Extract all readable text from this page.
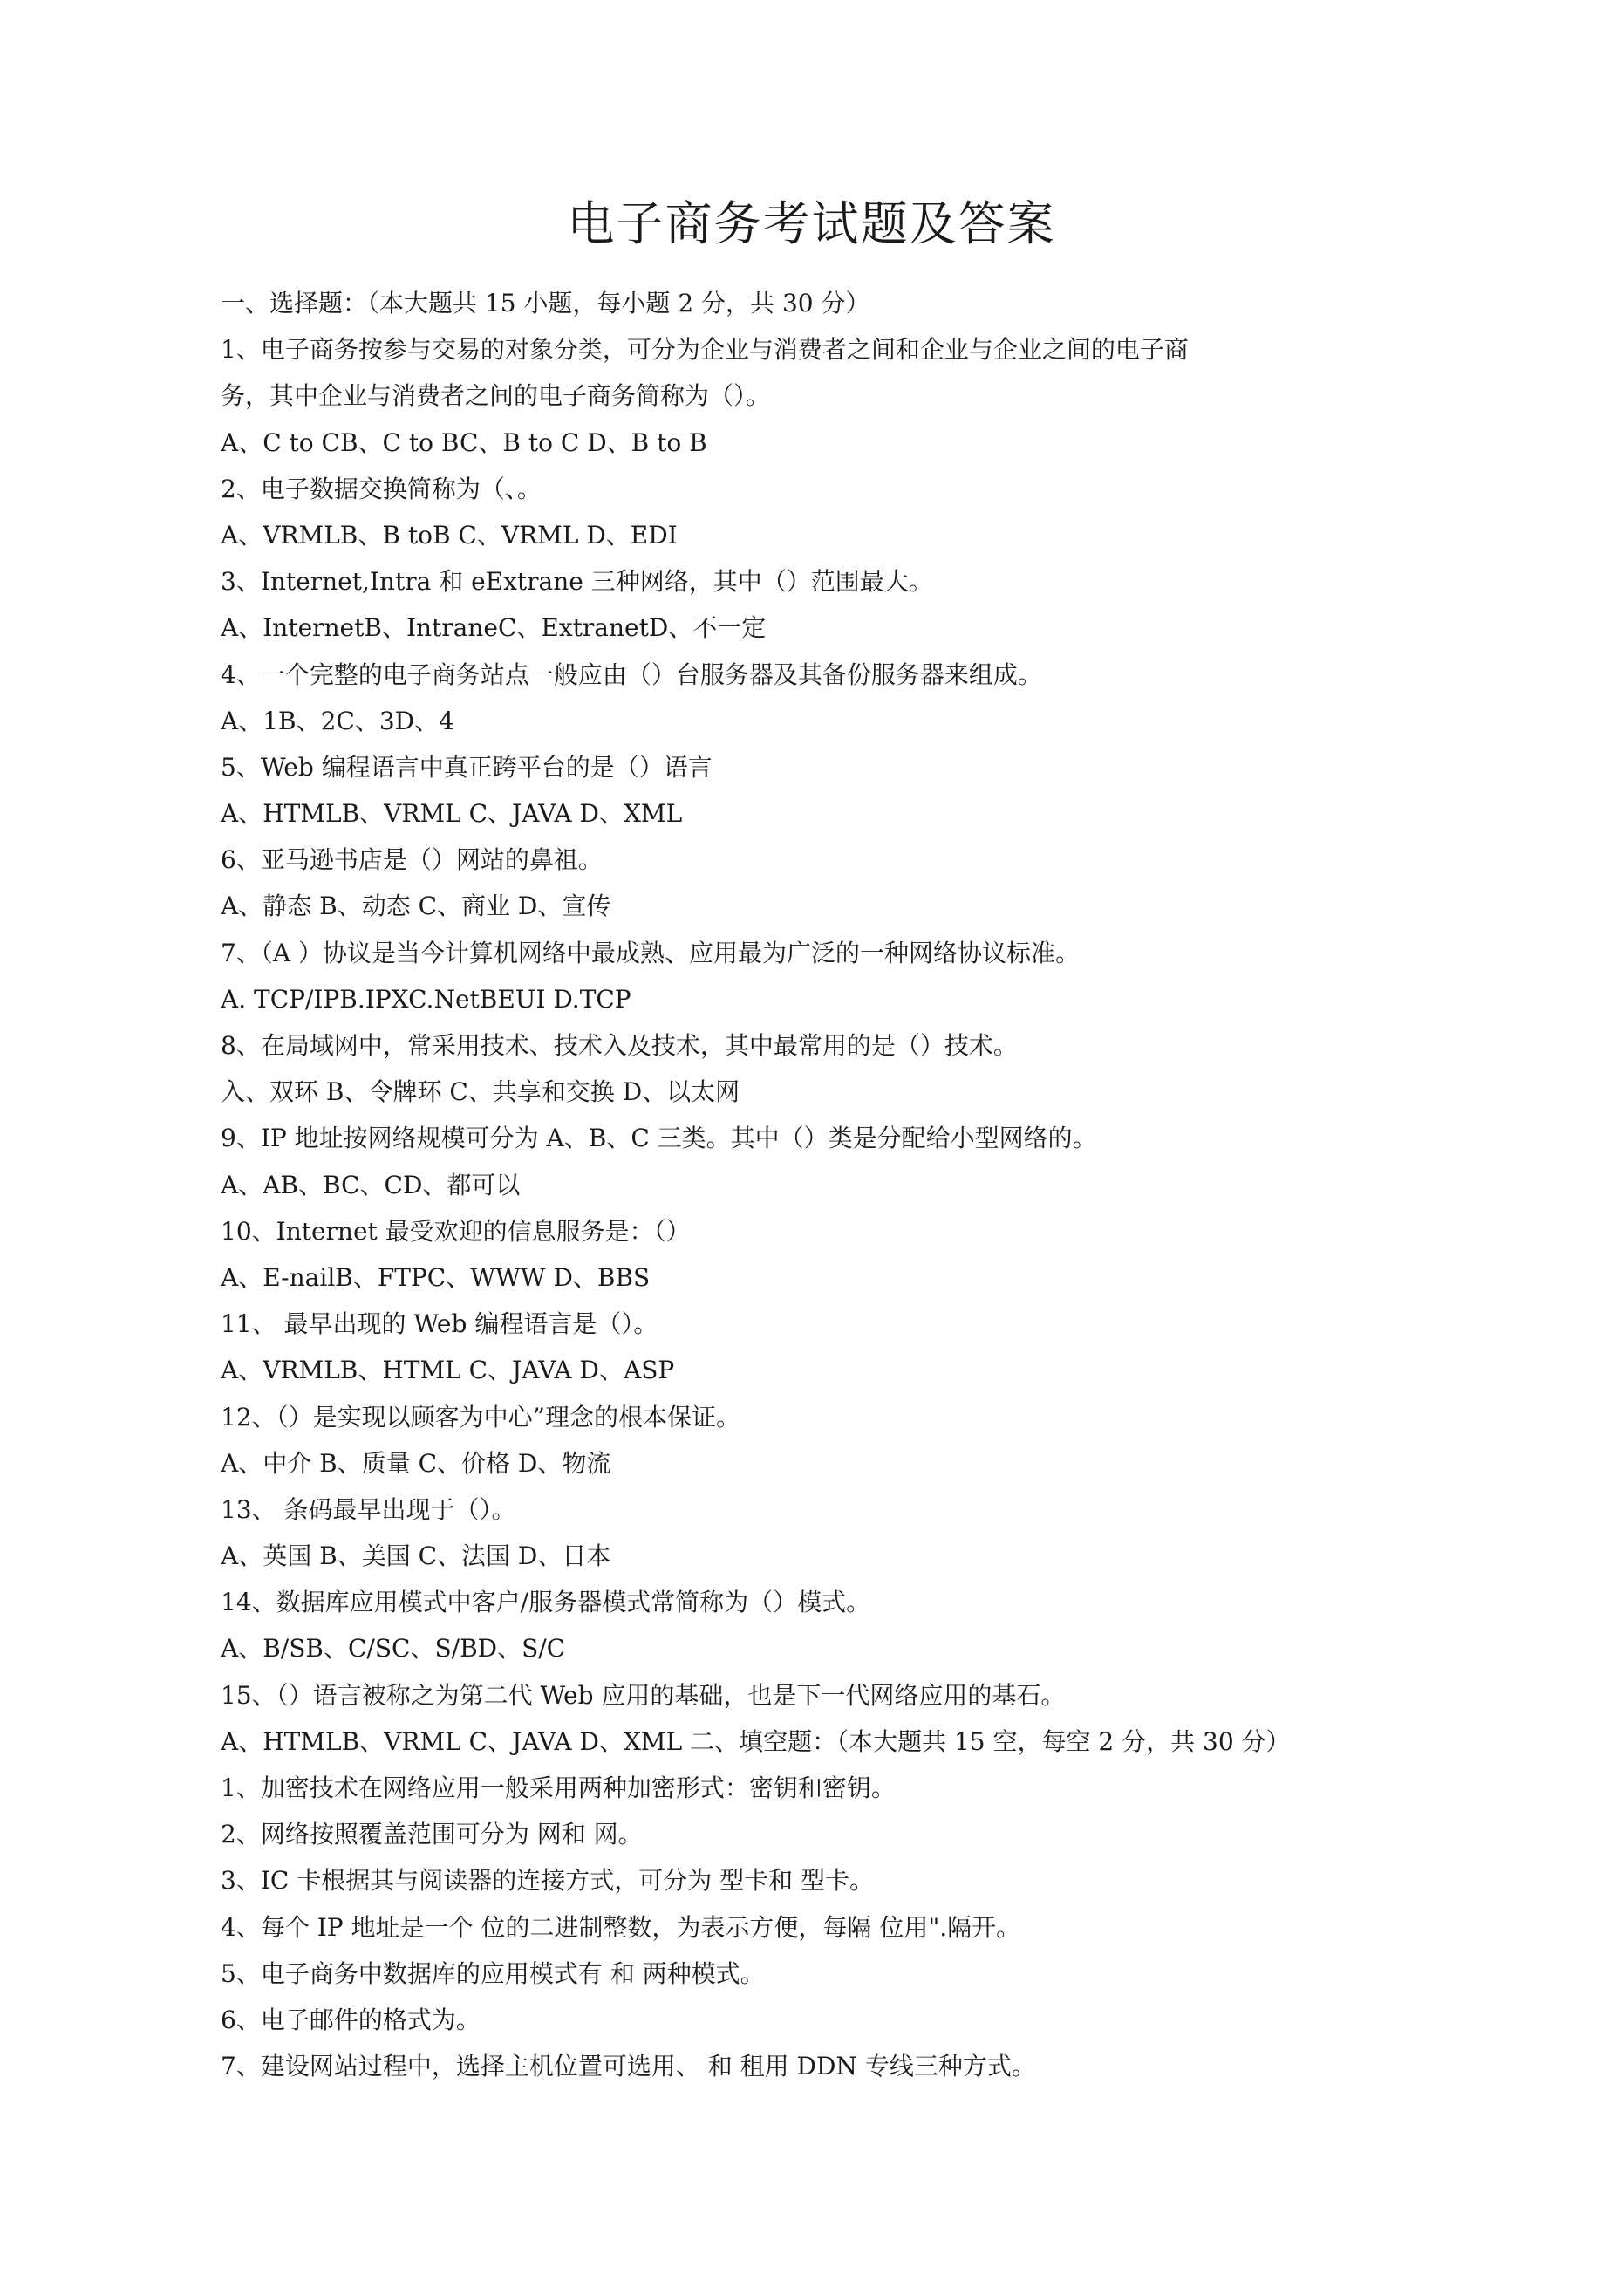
电子商务考试题及答案
一、选择题：（本大题共 15 小题，每小题 2 分，共 30 分）
1、电子商务按参与交易的对象分类，可分为企业与消费者之间和企业与企业之间的电子商
务，其中企业与消费者之间的电子商务简称为（）。
A、C to CB、C to BC、B to C D、B to B
2、电子数据交换简称为（、。
A、VRMLB、B toB C、VRML D、EDI
3、Internet,Intra 和 eExtrane 三种网络，其中（）范围最大。
A、InternetB、IntraneC、ExtranetD、不一定
4、一个完整的电子商务站点一般应由（）台服务器及其备份服务器来组成。
A、1B、2C、3D、4
5、Web 编程语言中真正跨平台的是（）语言
A、HTMLB、VRML C、JAVA D、XML
6、亚马逊书店是（）网站的鼻祖。
A、静态 B、动态 C、商业 D、宣传
7、（A ）协议是当今计算机网络中最成熟、应用最为广泛的一种网络协议标准。
A. TCP/IPB.IPXC.NetBEUI D.TCP
8、在局域网中，常采用技术、技术入及技术，其中最常用的是（）技术。
入、双环 B、令牌环 C、共享和交换 D、以太网
9、IP 地址按网络规模可分为 A、B、C 三类。其中（）类是分配给小型网络的。
A、AB、BC、CD、都可以
10、Internet 最受欢迎的信息服务是：（）
A、E-nailB、FTPC、WWW D、BBS
11、 最早出现的 Web 编程语言是（）。
A、VRMLB、HTML C、JAVA D、ASP
12、（）是实现以顾客为中心”理念的根本保证。
A、中介 B、质量 C、价格 D、物流
13、 条码最早出现于（）。
A、英国 B、美国 C、法国 D、日本
14、数据库应用模式中客户/服务器模式常简称为（）模式。
A、B/SB、C/SC、S/BD、S/C
15、（）语言被称之为第二代 Web 应用的基础，也是下一代网络应用的基石。
A、HTMLB、VRML C、JAVA D、XML 二、填空题：（本大题共 15 空，每空 2 分，共 30 分）
1、加密技术在网络应用一般采用两种加密形式：密钥和密钥。
2、网络按照覆盖范围可分为 网和 网。
3、IC 卡根据其与阅读器的连接方式，可分为 型卡和 型卡。
4、每个 IP 地址是一个 位的二进制整数，为表示方便，每隔 位用".隔开。
5、电子商务中数据库的应用模式有 和 两种模式。
6、电子邮件的格式为。
7、建设网站过程中，选择主机位置可选用、 和 租用 DDN 专线三种方式。
